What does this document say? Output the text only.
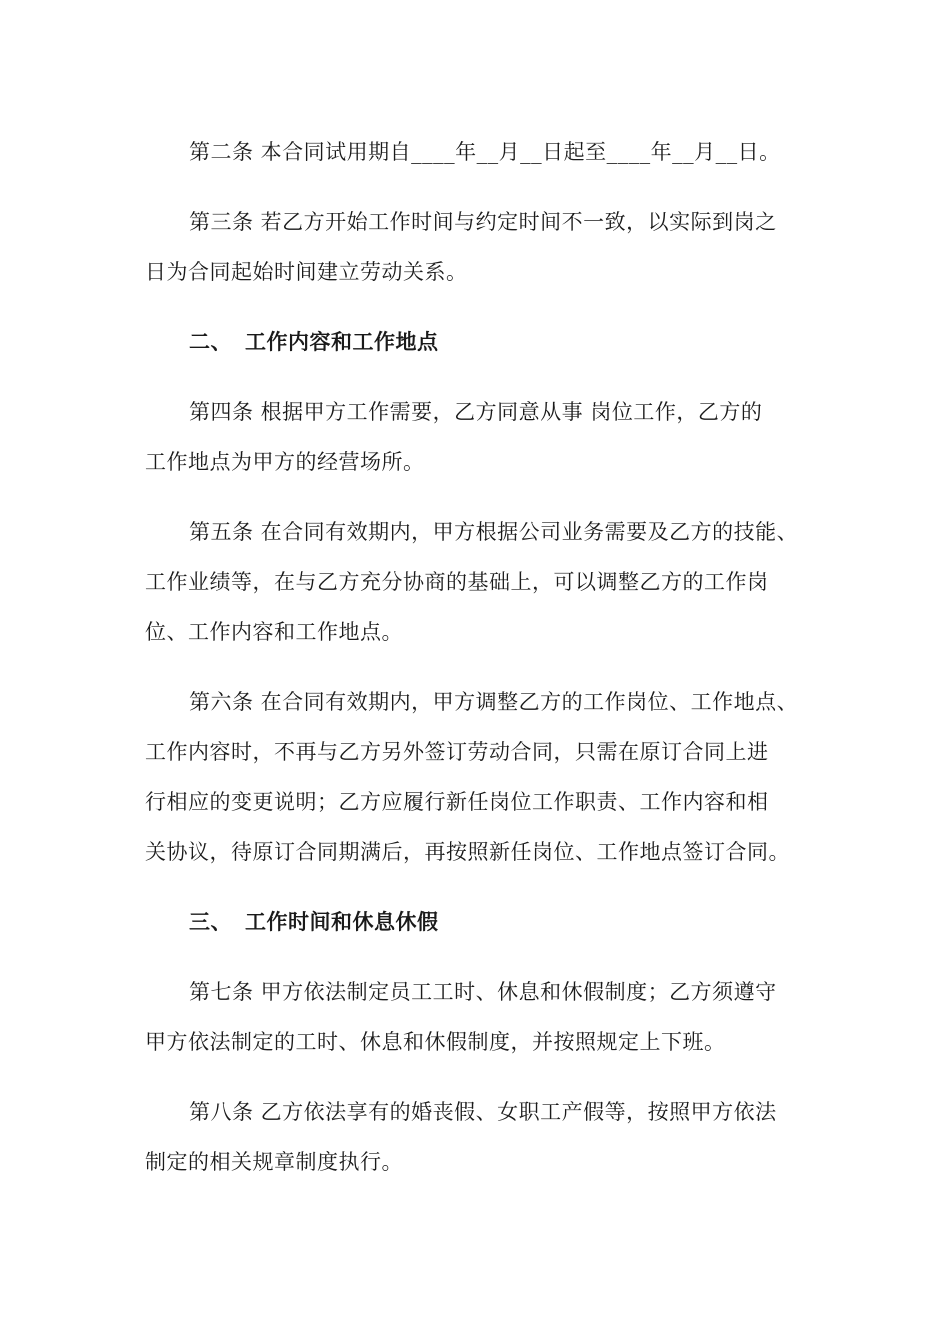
第二条 本合同试用期自____年__月__日起至____年__月__日。
第三条 若乙方开始工作时间与约定时间不一致，以实际到岗之
日为合同起始时间建立劳动关系。
二、 工作内容和工作地点
第四条 根据甲方工作需要，乙方同意从事 岗位工作，乙方的
工作地点为甲方的经营场所。
第五条 在合同有效期内，甲方根据公司业务需要及乙方的技能、
工作业绩等，在与乙方充分协商的基础上，可以调整乙方的工作岗
位、工作内容和工作地点。
第六条 在合同有效期内，甲方调整乙方的工作岗位、工作地点、
工作内容时，不再与乙方另外签订劳动合同，只需在原订合同上进
行相应的变更说明；乙方应履行新任岗位工作职责、工作内容和相
关协议，待原订合同期满后，再按照新任岗位、工作地点签订合同。
三、 工作时间和休息休假
第七条 甲方依法制定员工工时、休息和休假制度；乙方须遵守
甲方依法制定的工时、休息和休假制度，并按照规定上下班。
第八条 乙方依法享有的婚丧假、女职工产假等，按照甲方依法
制定的相关规章制度执行。
